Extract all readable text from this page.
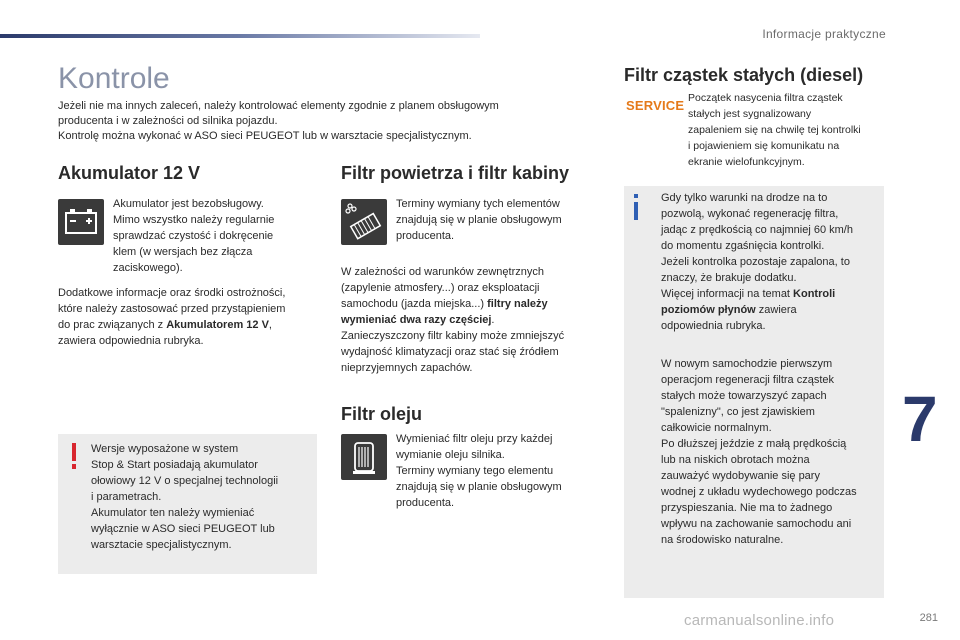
Informacje praktyczne
Kontrole
Jeżeli nie ma innych zaleceń, należy kontrolować elementy zgodnie z planem obsługowym
producenta i w zależności od silnika pojazdu.
Kontrolę można wykonać w ASO sieci PEUGEOT lub w warsztacie specjalistycznym.
Akumulator 12 V
Akumulator jest bezobsługowy.
Mimo wszystko należy regularnie
sprawdzać czystość i dokręcenie
klem (w wersjach bez złącza
zaciskowego).
Dodatkowe informacje oraz środki ostrożności,
które należy zastosować przed przystąpieniem
do prac związanych z Akumulatorem 12 V,
zawiera odpowiednia rubryka.
Wersje wyposażone w system
Stop & Start posiadają akumulator
ołowiowy 12 V o specjalnej technologii
i parametrach.
Akumulator ten należy wymieniać
wyłącznie w ASO sieci PEUGEOT lub
warsztacie specjalistycznym.
Filtr powietrza i filtr kabiny
Terminy wymiany tych elementów
znajdują się w planie obsługowym
producenta.
W zależności od warunków zewnętrznych
(zapylenie atmosfery...) oraz eksploatacji
samochodu (jazda miejska...) filtry należy
wymieniać dwa razy częściej.
Zanieczyszczony filtr kabiny może zmniejszyć
wydajność klimatyzacji oraz stać się źródłem
nieprzyjemnych zapachów.
Filtr oleju
Wymieniać filtr oleju przy każdej
wymianie oleju silnika.
Terminy wymiany tego elementu
znajdują się w planie obsługowym
producenta.
Filtr cząstek stałych (diesel)
SERVICE Początek nasycenia filtra cząstek
stałych jest sygnalizowany
zapaleniem się na chwilę tej kontrolki
i pojawieniem się komunikatu na
ekranie wielofunkcyjnym.
Gdy tylko warunki na drodze na to
pozwolą, wykonać regenerację filtra,
jadąc z prędkością co najmniej 60 km/h
do momentu zgaśnięcia kontrolki.
Jeżeli kontrolka pozostaje zapalona, to
znaczy, że brakuje dodatku.
Więcej informacji na temat Kontroli
poziomów płynów zawiera
odpowiednia rubryka.
W nowym samochodzie pierwszym
operacjom regeneracji filtra cząstek
stałych może towarzyszyć zapach
"spalenizny", co jest zjawiskiem
całkowicie normalnym.
Po dłuższej jeździe z małą prędkością
lub na niskich obrotach można
zauważyć wydobywanie się pary
wodnej z układu wydechowego podczas
przyspieszania. Nie ma to żadnego
wpływu na zachowanie samochodu ani
na środowisko naturalne.
7
carmanualsonline.info	281
